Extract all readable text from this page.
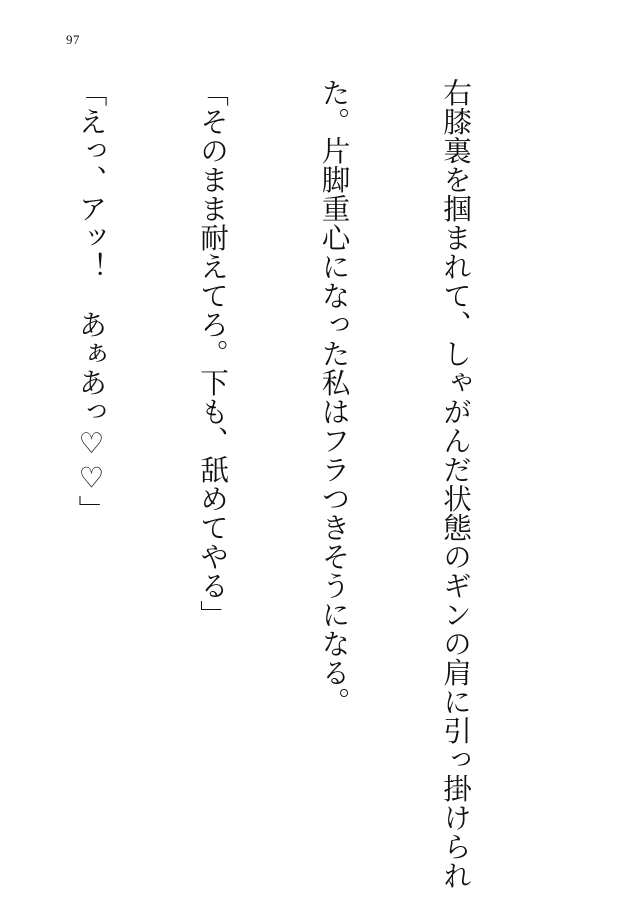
97

右膝裏を掴まれて、しゃがんだ状態のギンの肩に引っ掛けられ

た。片脚重心になった私はフラつきそうになる。

「そのまま耐えてろ。下も、舐めてやる」

「えっ、アッ！　あぁあっ♡♡」
